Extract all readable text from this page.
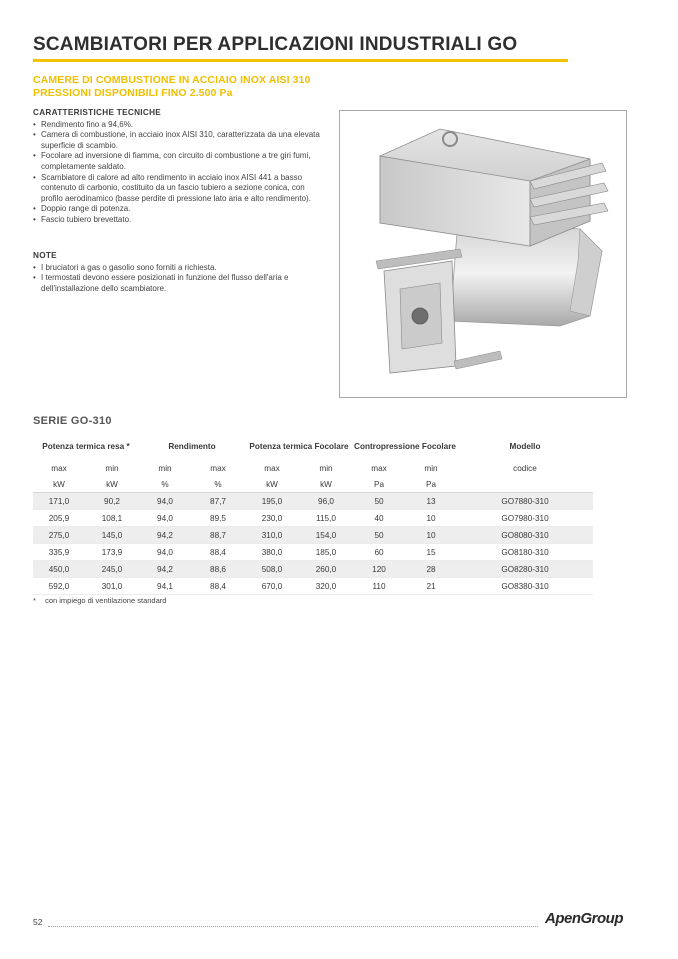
SCAMBIATORI PER APPLICAZIONI INDUSTRIALI GO
CAMERE DI COMBUSTIONE IN ACCIAIO INOX AISI 310
PRESSIONI DISPONIBILI FINO 2.500 Pa
CARATTERISTICHE TECNICHE
• Rendimento fino a 94,6%.
• Camera di combustione, in acciaio inox AISI 310, caratterizzata da una elevata superficie di scambio.
• Focolare ad inversione di fiamma, con circuito di combustione a tre giri fumi, completamente saldato.
• Scambiatore di calore ad alto rendimento in acciaio inox AISI 441 a basso contenuto di carbonio, costituito da un fascio tubiero a sezione conica, con profilo aerodinamico (basse perdite di pressione lato aria e alto rendimento).
• Doppio range di potenza.
• Fascio tubiero brevettato.
NOTE
• I bruciatori a gas o gasolio sono forniti a richiesta.
• I termostati devono essere posizionati in funzione del flusso dell'aria e dell'installazione dello scambiatore.
SERIE GO-310
Potenza termica resa *		Rendimento		Potenza termica Focolare		Contropressione Focolare		Modello
max	min	min	max	max	min	max	min	codice
kW	kW	%	%	kW	kW	Pa	Pa	
171,0	90,2	94,0	87,7	195,0	96,0	50	13	GO7880-310
205,9	108,1	94,0	89,5	230,0	115,0	40	10	GO7980-310
275,0	145,0	94,2	88,7	310,0	154,0	50	10	GO8080-310
335,9	173,9	94,0	88,4	380,0	185,0	60	15	GO8180-310
450,0	245,0	94,2	88,6	508,0	260,0	120	28	GO8280-310
592,0	301,0	94,1	88,4	670,0	320,0	110	21	GO8380-310
* con impiego di ventilazione standard
52	ApenGroup
